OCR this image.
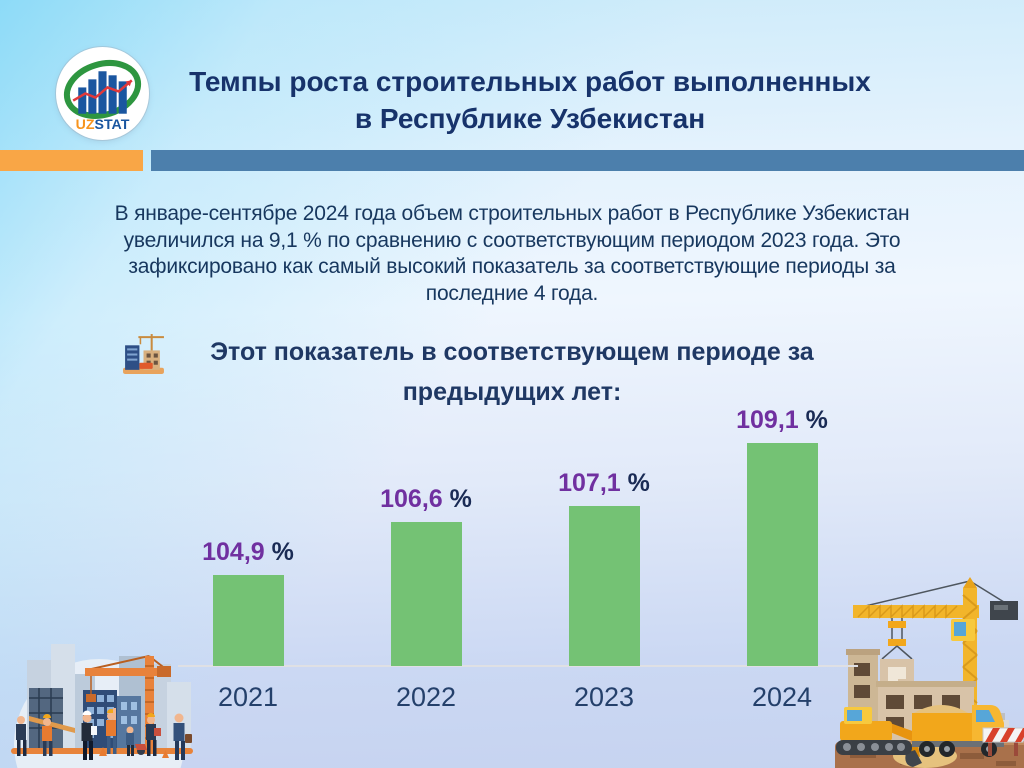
UZSTAT
Темпы роста строительных работ выполненных
в Республике Узбекистан
В январе-сентябре 2024 года объем строительных работ в Республике Узбекистан
увеличился на 9,1 % по сравнению с соответствующим периодом 2023 года. Это
зафиксировано как самый высокий показатель за соответствующие периоды за
последние 4 года.
Этот показатель в соответствующем периоде за
предыдущих лет:
104,9 %
2021
106,6 %
2022
107,1 %
2023
109,1 %
2024
